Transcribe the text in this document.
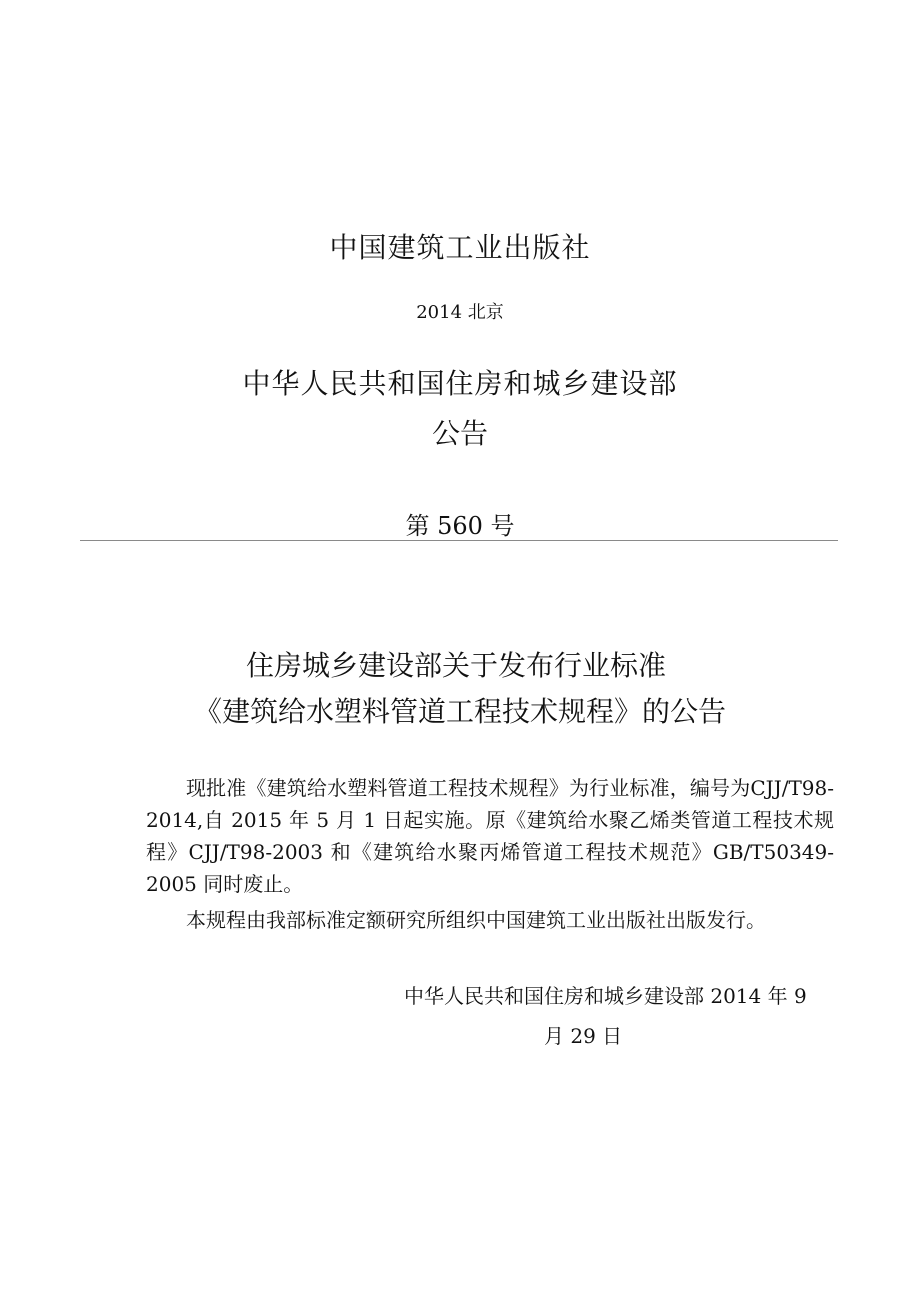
中国建筑工业出版社
2014 北京
中华人民共和国住房和城乡建设部
公告
第 560 号
住房城乡建设部关于发布行业标准
《建筑给水塑料管道工程技术规程》的公告

现批准《建筑给水塑料管道工程技术规程》为行业标准，编号为CJJ/T98-2014,自 2015 年 5 月 1 日起实施。原《建筑给水聚乙烯类管道工程技术规程》CJJ/T98-2003 和《建筑给水聚丙烯管道工程技术规范》GB/T50349-2005 同时废止。

本规程由我部标准定额研究所组织中国建筑工业出版社出版发行。

中华人民共和国住房和城乡建设部 2014 年 9
月 29 日
